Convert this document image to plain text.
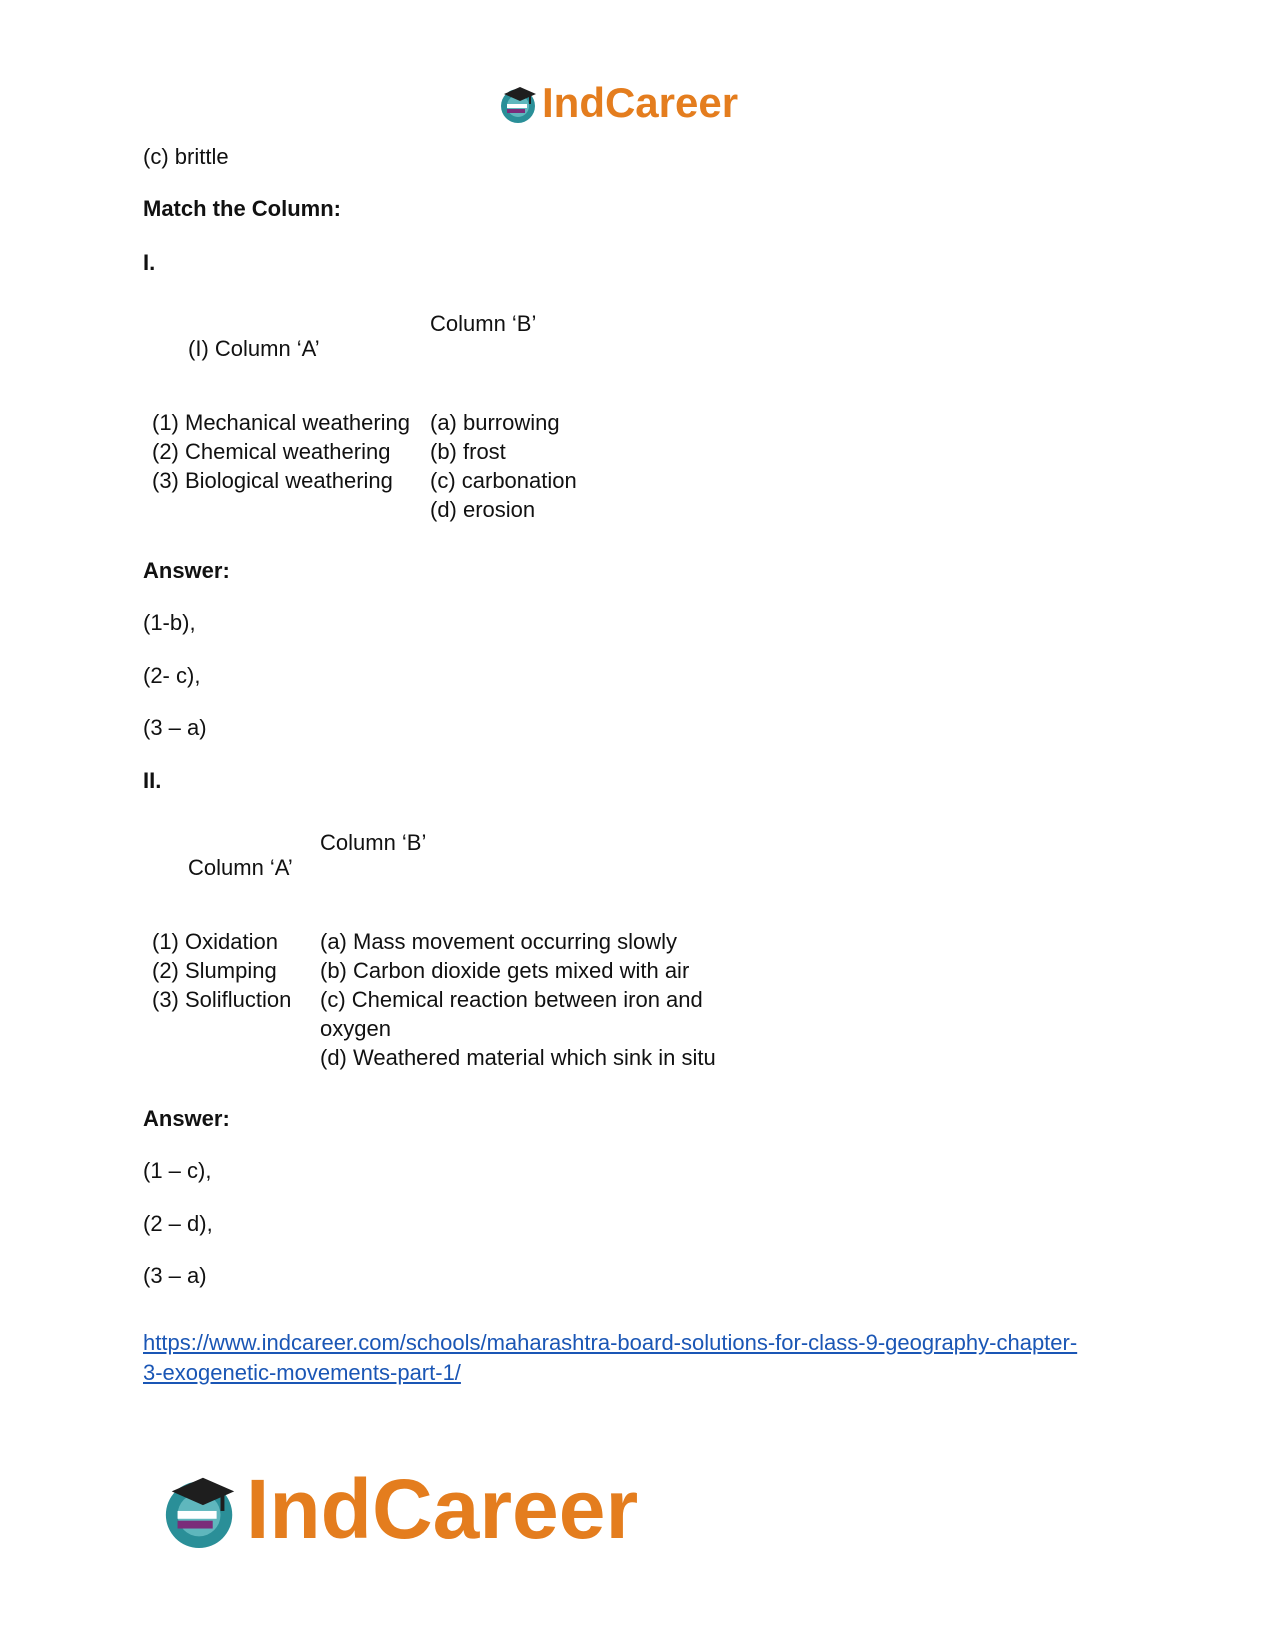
IndCareer
(c) brittle
Match the Column:
I.
Column ‘B’
(I) Column ‘A’
(1) Mechanical weathering
(2) Chemical weathering
(3) Biological weathering
(a) burrowing
(b) frost
(c) carbonation
(d) erosion
Answer:
(1-b),
(2- c),
(3 – a)
II.
Column ‘B’
Column ‘A’
(1) Oxidation
(2) Slumping
(3) Solifluction
(a) Mass movement occurring slowly
(b) Carbon dioxide gets mixed with air
(c) Chemical reaction between iron and
oxygen
(d) Weathered material which sink in situ
Answer:
(1 – c),
(2 – d),
(3 – a)
https://www.indcareer.com/schools/maharashtra-board-solutions-for-class-9-geography-chapter-
3-exogenetic-movements-part-1/
IndCareer
